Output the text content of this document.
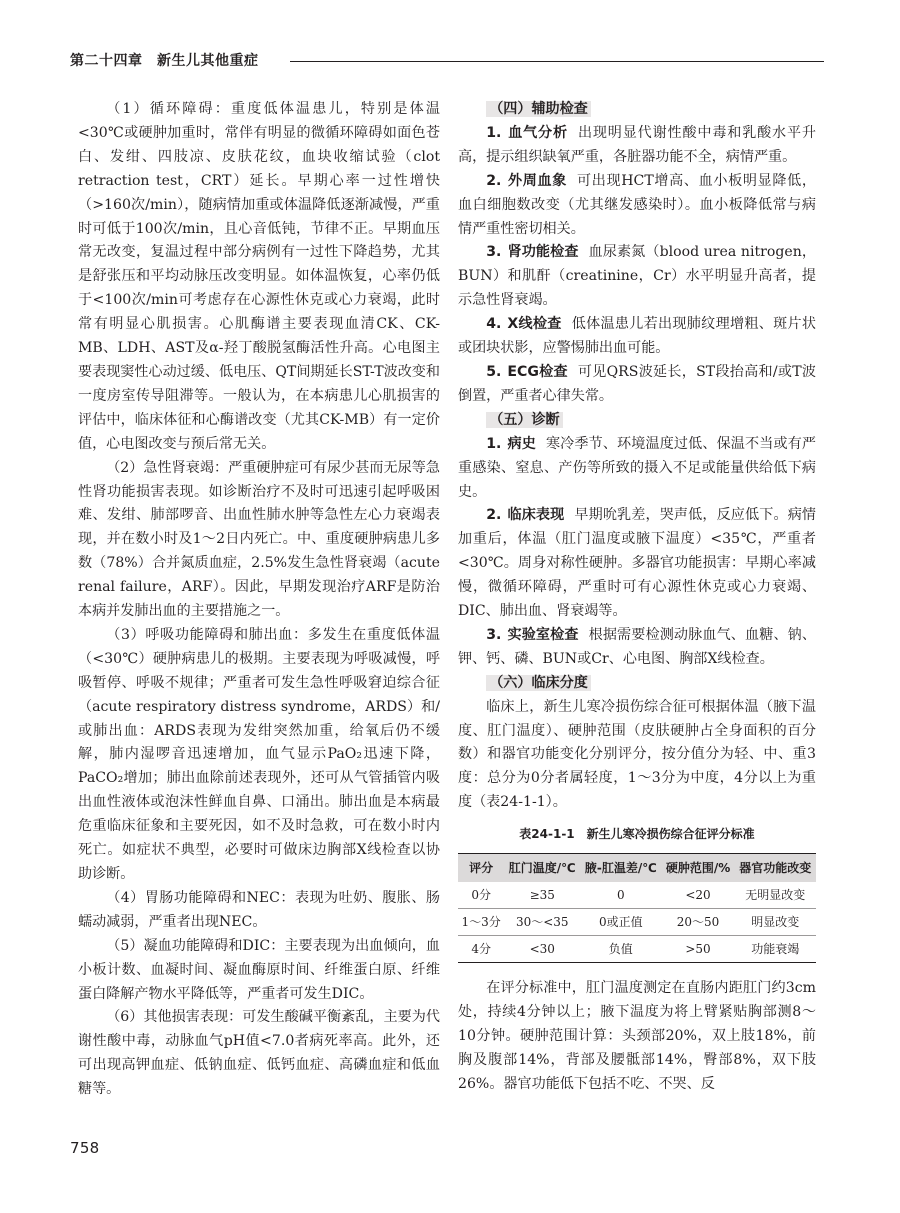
第二十四章　新生儿其他重症

（1）循环障碍：重度低体温患儿，特别是体温<30℃或硬肿加重时，常伴有明显的微循环障碍如面色苍白、发绀、四肢凉、皮肤花纹，血块收缩试验（clot retraction test，CRT）延长。早期心率一过性增快（>160次/min），随病情加重或体温降低逐渐减慢，严重时可低于100次/min，且心音低钝，节律不正。早期血压常无改变，复温过程中部分病例有一过性下降趋势，尤其是舒张压和平均动脉压改变明显。如体温恢复，心率仍低于<100次/min可考虑存在心源性休克或心力衰竭，此时常有明显心肌损害。心肌酶谱主要表现血清CK、CK-MB、LDH、AST及α-羟丁酸脱氢酶活性升高。心电图主要表现窦性心动过缓、低电压、QT间期延长ST-T波改变和一度房室传导阻滞等。一般认为，在本病患儿心肌损害的评估中，临床体征和心酶谱改变（尤其CK-MB）有一定价值，心电图改变与预后常无关。

（2）急性肾衰竭：严重硬肿症可有尿少甚而无尿等急性肾功能损害表现。如诊断治疗不及时可迅速引起呼吸困难、发绀、肺部啰音、出血性肺水肿等急性左心力衰竭表现，并在数小时及1～2日内死亡。中、重度硬肿病患儿多数（78%）合并氮质血症，2.5%发生急性肾衰竭（acute renal failure，ARF）。因此，早期发现治疗ARF是防治本病并发肺出血的主要措施之一。

（3）呼吸功能障碍和肺出血：多发生在重度低体温（<30℃）硬肿病患儿的极期。主要表现为呼吸减慢，呼吸暂停、呼吸不规律；严重者可发生急性呼吸窘迫综合征（acute respiratory distress syndrome，ARDS）和/或肺出血：ARDS表现为发绀突然加重，给氧后仍不缓解，肺内湿啰音迅速增加，血气显示PaO₂迅速下降，PaCO₂增加；肺出血除前述表现外，还可从气管插管内吸出血性液体或泡沫性鲜血自鼻、口涌出。肺出血是本病最危重临床征象和主要死因，如不及时急救，可在数小时内死亡。如症状不典型，必要时可做床边胸部X线检查以协助诊断。

（4）胃肠功能障碍和NEC：表现为吐奶、腹胀、肠蠕动减弱，严重者出现NEC。

（5）凝血功能障碍和DIC：主要表现为出血倾向，血小板计数、血凝时间、凝血酶原时间、纤维蛋白原、纤维蛋白降解产物水平降低等，严重者可发生DIC。

（6）其他损害表现：可发生酸碱平衡紊乱，主要为代谢性酸中毒，动脉血气pH值<7.0者病死率高。此外，还可出现高钾血症、低钠血症、低钙血症、高磷血症和低血糖等。

（四）辅助检查

1. 血气分析 出现明显代谢性酸中毒和乳酸水平升高，提示组织缺氧严重，各脏器功能不全，病情严重。

2. 外周血象 可出现HCT增高、血小板明显降低，血白细胞数改变（尤其继发感染时）。血小板降低常与病情严重性密切相关。

3. 肾功能检查 血尿素氮（blood urea nitrogen，BUN）和肌酐（creatinine，Cr）水平明显升高者，提示急性肾衰竭。

4. X线检查 低体温患儿若出现肺纹理增粗、斑片状或团块状影，应警惕肺出血可能。

5. ECG检查 可见QRS波延长，ST段抬高和/或T波倒置，严重者心律失常。

（五）诊断

1. 病史 寒冷季节、环境温度过低、保温不当或有严重感染、窒息、产伤等所致的摄入不足或能量供给低下病史。

2. 临床表现 早期吮乳差，哭声低，反应低下。病情加重后，体温（肛门温度或腋下温度）<35℃，严重者<30℃。周身对称性硬肿。多器官功能损害：早期心率减慢，微循环障碍，严重时可有心源性休克或心力衰竭、DIC、肺出血、肾衰竭等。

3. 实验室检查 根据需要检测动脉血气、血糖、钠、钾、钙、磷、BUN或Cr、心电图、胸部X线检查。

（六）临床分度

临床上，新生儿寒冷损伤综合征可根据体温（腋下温度、肛门温度）、硬肿范围（皮肤硬肿占全身面积的百分数）和器官功能变化分别评分，按分值分为轻、中、重3度：总分为0分者属轻度，1～3分为中度，4分以上为重度（表24-1-1）。

表24-1-1 新生儿寒冷损伤综合征评分标准
评分	肛门温度/℃	腋-肛温差/℃	硬肿范围/%	器官功能改变
0分	≥35	0	<20	无明显改变
1～3分	30～<35	0或正值	20～50	明显改变
4分	<30	负值	>50	功能衰竭

在评分标准中，肛门温度测定在直肠内距肛门约3cm处，持续4分钟以上；腋下温度为将上臂紧贴胸部测8～10分钟。硬肿范围计算：头颈部20%，双上肢18%，前胸及腹部14%，背部及腰骶部14%，臀部8%，双下肢26%。器官功能低下包括不吃、不哭、反

758
